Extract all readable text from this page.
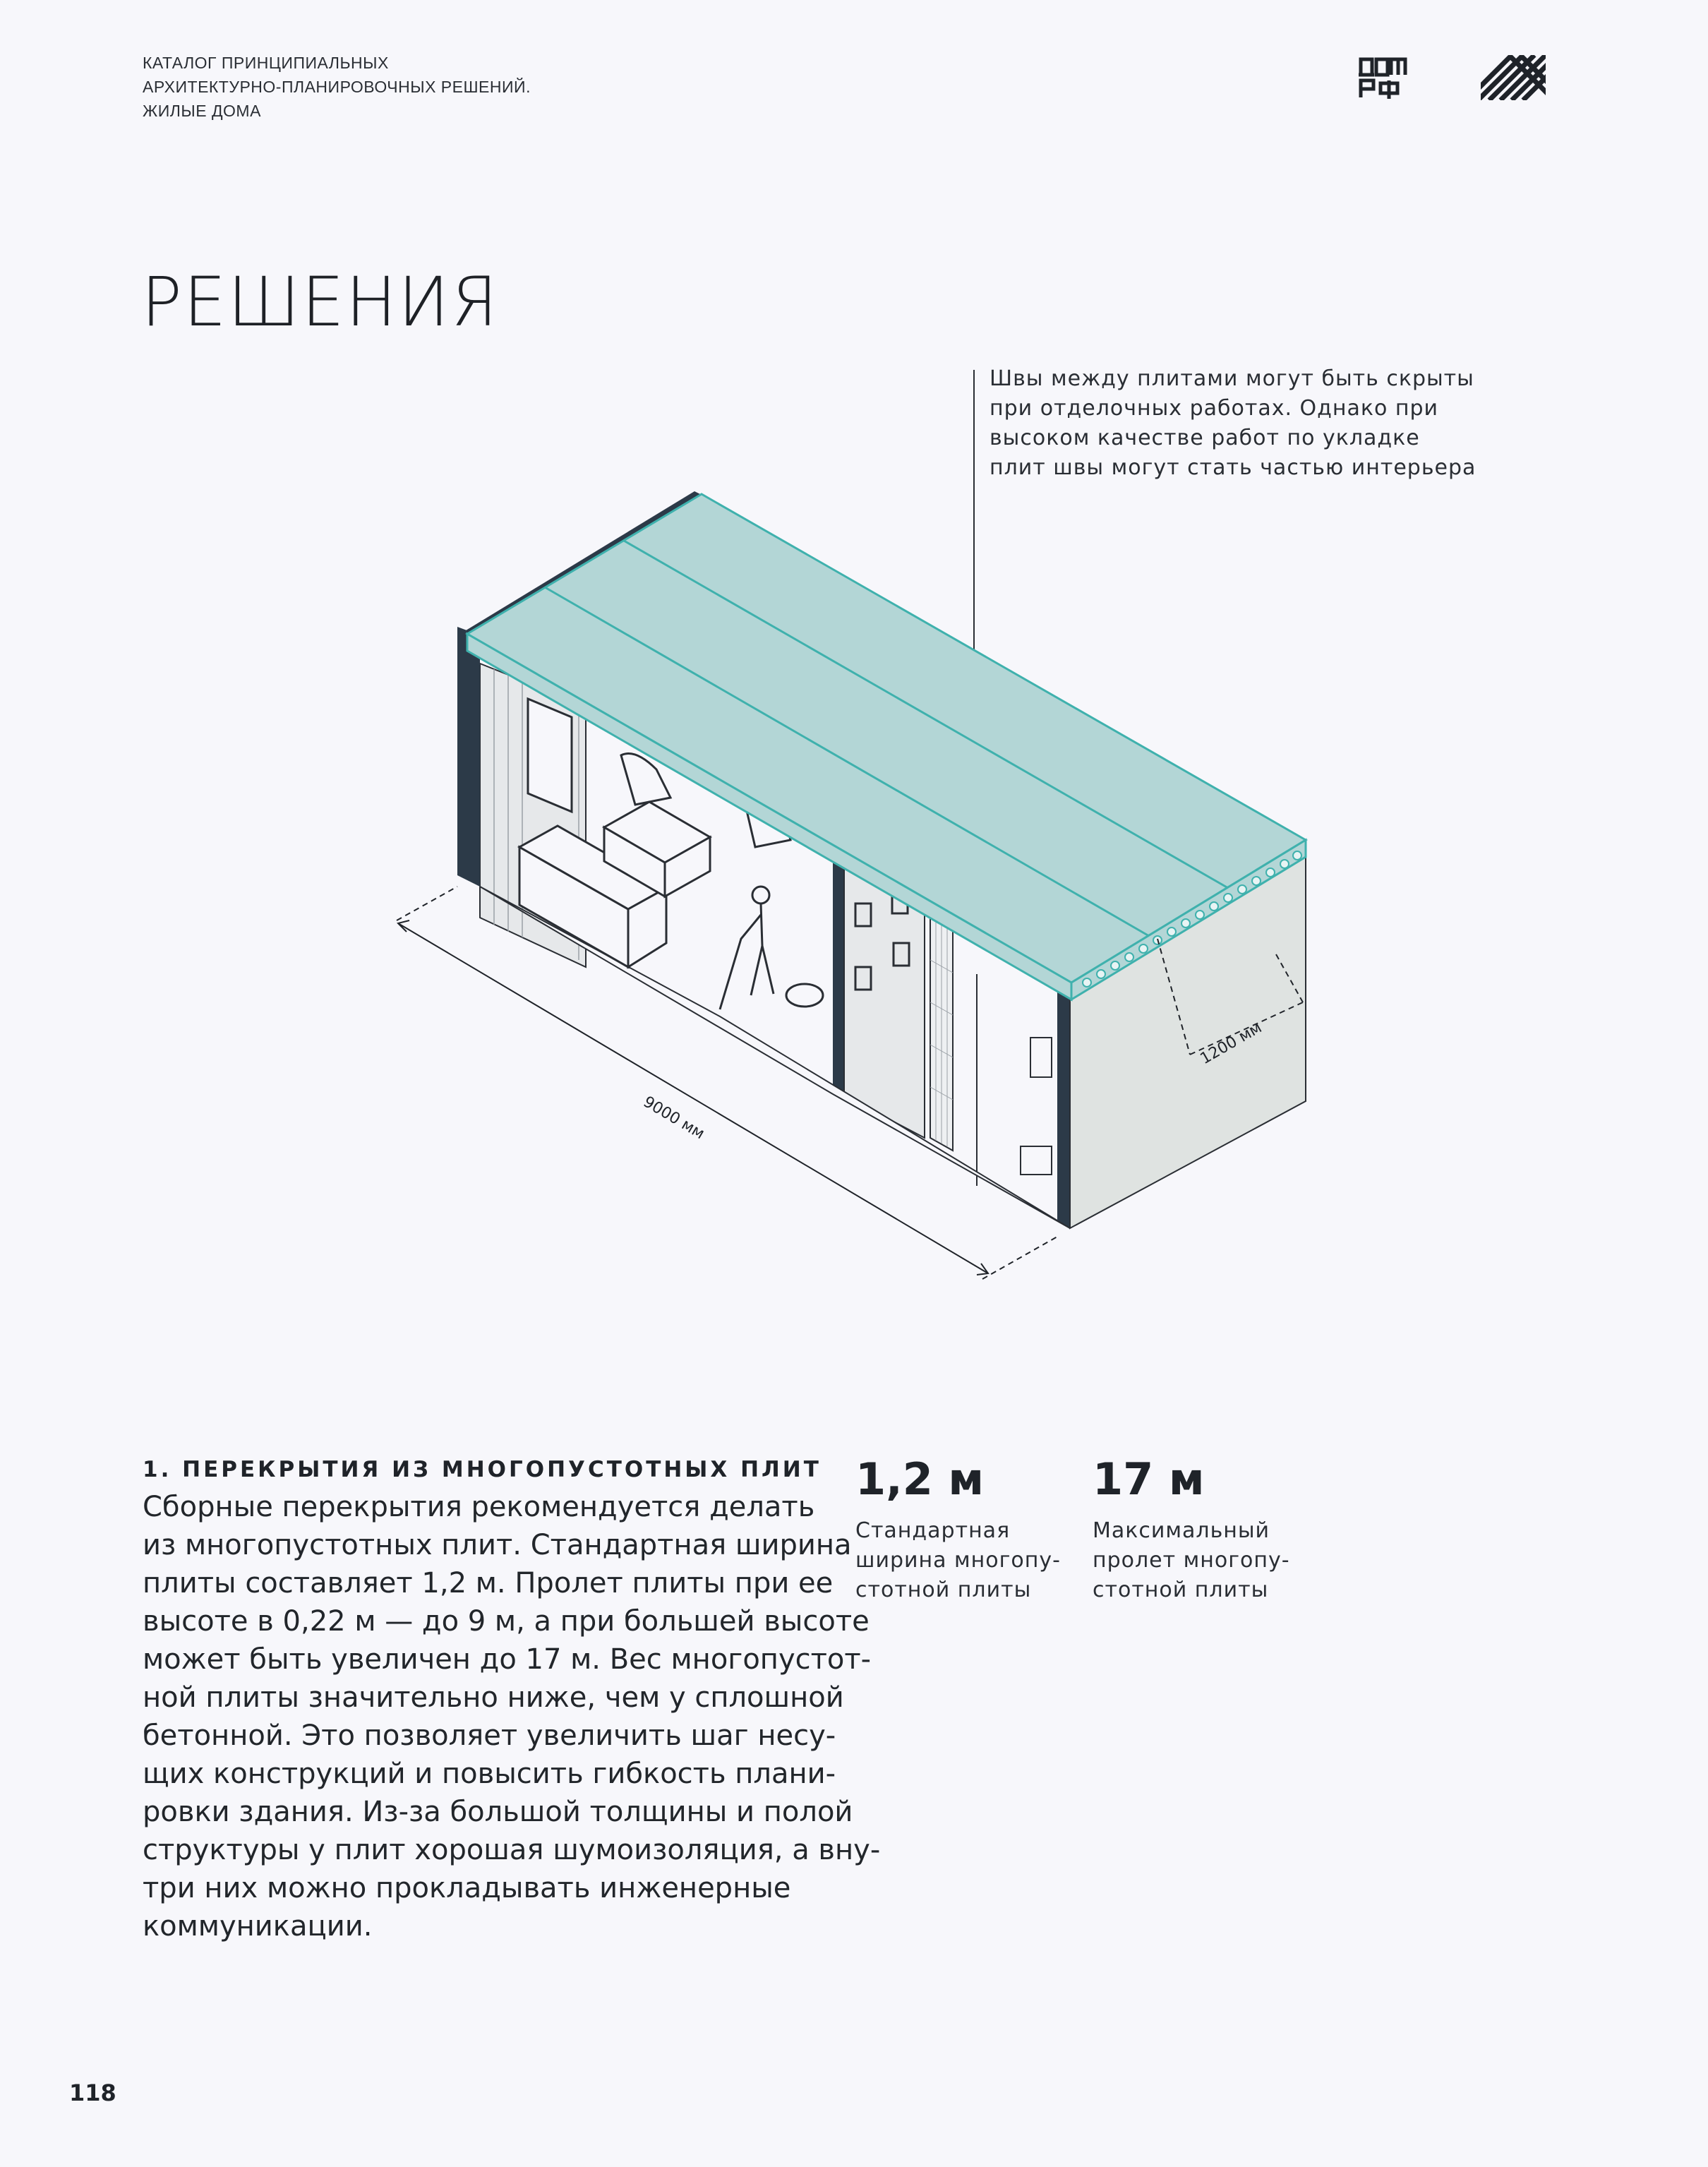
КАТАЛОГ ПРИНЦИПИАЛЬНЫХ
АРХИТЕКТУРНО-ПЛАНИРОВОЧНЫХ РЕШЕНИЙ.
ЖИЛЫЕ ДОМА
РЕШЕНИЯ
Швы между плитами могут быть скрыты
при отделочных работах. Однако при
высоком качестве работ по укладке
плит швы могут стать частью интерьера
9000 мм
1200 мм
1. ПЕРЕКРЫТИЯ ИЗ МНОГОПУСТОТНЫХ ПЛИТ
Сборные перекрытия рекомендуется делать
из многопустотных плит. Стандартная ширина
плиты составляет 1,2 м. Пролет плиты при ее
высоте в 0,22 м — до 9 м, а при большей высоте
может быть увеличен до 17 м. Вес многопустот-
ной плиты значительно ниже, чем у сплошной
бетонной. Это позволяет увеличить шаг несу-
щих конструкций и повысить гибкость плани-
ровки здания. Из-за большой толщины и полой
структуры у плит хорошая шумоизоляция, а вну-
три них можно прокладывать инженерные
коммуникации.
1,2 м
Стандартная
ширина многопу-
стотной плиты
17 м
Максимальный
пролет многопу-
стотной плиты
118
